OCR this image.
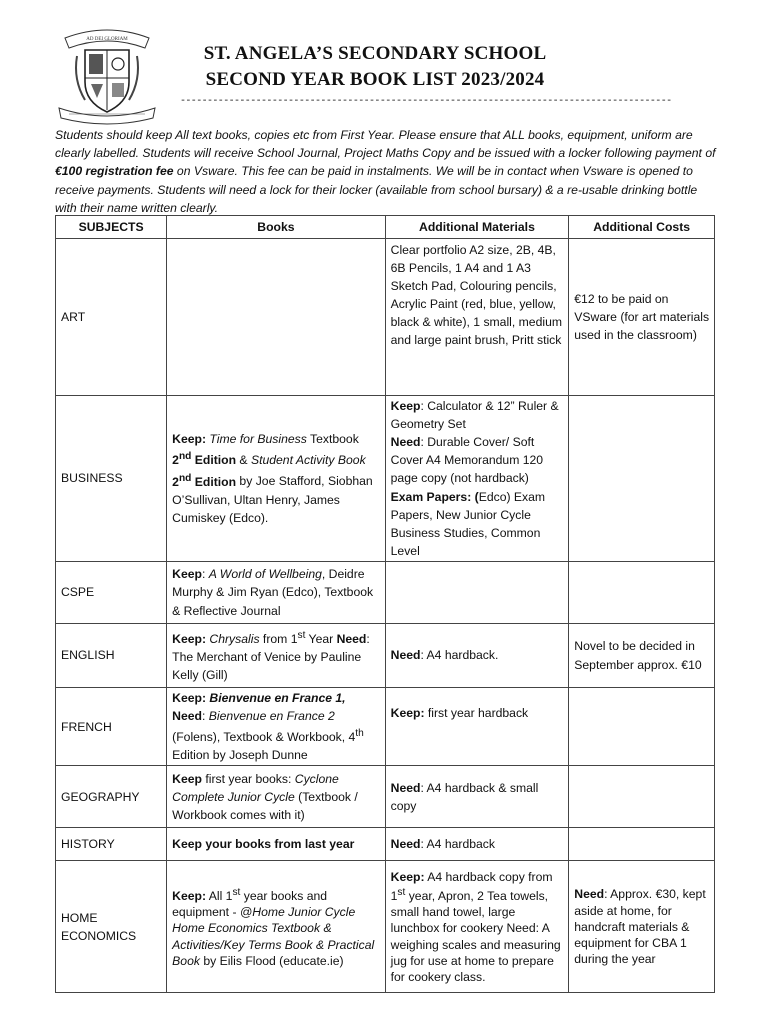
AD DEI GLORIAM
ST. ANGELA’S SECONDARY SCHOOL
SECOND YEAR BOOK LIST 2023/2024
-------------------------------------------------------------------------------------------
Students should keep All text books, copies etc from First Year. Please ensure that ALL books, equipment, uniform are clearly labelled. Students will receive School Journal, Project Maths Copy and be issued with a locker following payment of €100 registration fee on Vsware. This fee can be paid in instalments. We will be in contact when Vsware is opened to receive payments. Students will need a lock for their locker (available from school bursary) & a re-usable drinking bottle with their name written clearly.
SUBJECTS	Books	Additional Materials	Additional Costs
ART		Clear portfolio A2 size, 2B, 4B, 6B Pencils, 1 A4 and 1 A3 Sketch Pad, Colouring pencils, Acrylic Paint (red, blue, yellow, black & white), 1 small, medium and large paint brush, Pritt stick	€12 to be paid on VSware (for art materials used in the classroom)
BUSINESS	Keep: Time for Business Textbook 2nd Edition & Student Activity Book 2nd Edition by Joe Stafford, Siobhan O’Sullivan, Ultan Henry, James Cumiskey (Edco).	Keep: Calculator & 12” Ruler & Geometry Set
Need: Durable Cover/ Soft Cover A4 Memorandum 120 page copy (not hardback)
Exam Papers: (Edco) Exam Papers, New Junior Cycle Business Studies, Common Level	
CSPE	Keep: A World of Wellbeing, Deidre Murphy & Jim Ryan (Edco), Textbook & Reflective Journal		
ENGLISH	Keep: Chrysalis from 1st Year Need: The Merchant of Venice by Pauline Kelly (Gill)	Need: A4 hardback.	Novel to be decided in September approx. €10
FRENCH	Keep: Bienvenue en France 1,
Need: Bienvenue en France 2 (Folens), Textbook & Workbook, 4th Edition by Joseph Dunne	Keep: first year hardback	
GEOGRAPHY	Keep first year books: Cyclone Complete Junior Cycle (Textbook / Workbook comes with it)	Need: A4 hardback & small copy	
HISTORY	Keep your books from last year	Need: A4 hardback	
HOME ECONOMICS	Keep: All 1st year books and equipment - @Home Junior Cycle Home Economics Textbook & Activities/Key Terms Book & Practical Book by Eilis Flood (educate.ie)	Keep: A4 hardback copy from 1st year, Apron, 2 Tea towels, small hand towel, large lunchbox for cookery Need: A weighing scales and measuring jug for use at home to prepare for cookery class.	Need: Approx. €30, kept aside at home, for handcraft materials & equipment for CBA 1 during the year
